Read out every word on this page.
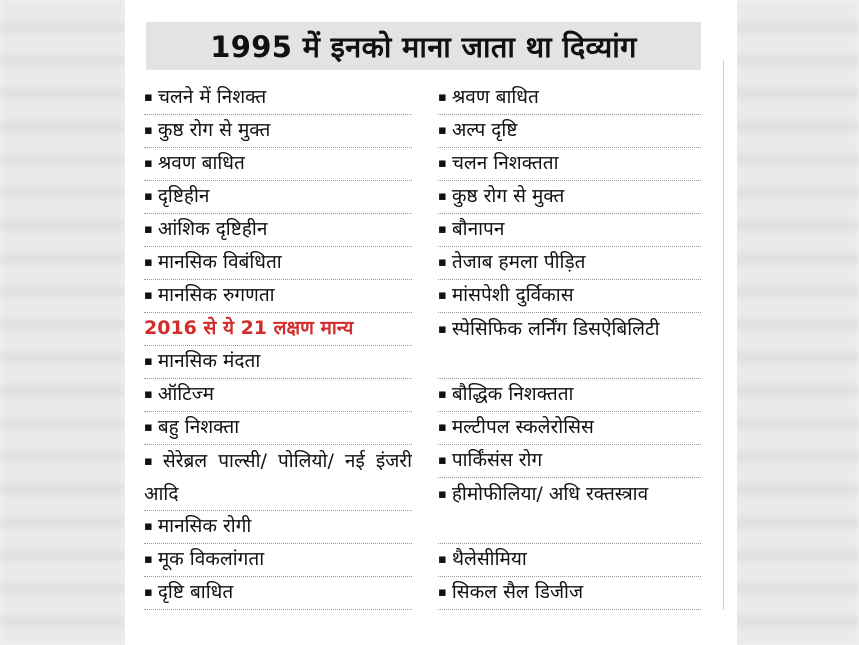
1995 में इनको माना जाता था दिव्यांग
▪ चलने में निशक्त
▪ कुष्ठ रोग से मुक्त
▪ श्रवण बाधित
▪ दृष्टिहीन
▪ आंशिक दृष्टिहीन
▪ मानसिक विबंधिता
▪ मानसिक रुगणता
2016 से ये 21 लक्षण मान्य
▪ मानसिक मंदता
▪ ऑटिज्म
▪ बहु निशक्ता
▪ सेरेब्रल पाल्सी/ पोलियो/ नई इंजरी आदि
▪ मानसिक रोगी
▪ मूक विकलांगता
▪ दृष्टि बाधित
▪ श्रवण बाधित
▪ अल्प दृष्टि
▪ चलन निशक्तता
▪ कुष्ठ रोग से मुक्त
▪ बौनापन
▪ तेजाब हमला पीड़ित
▪ मांसपेशी दुर्विकास
▪ स्पेसिफिक लर्निंग डिसऐबिलिटी
▪ बौद्धिक निशक्तता
▪ मल्टीपल स्कलेरोसिस
▪ पार्किंसंस रोग
▪ हीमोफीलिया/ अधि रक्तस्त्राव
▪ थैलेसीमिया
▪ सिकल सैल डिजीज
